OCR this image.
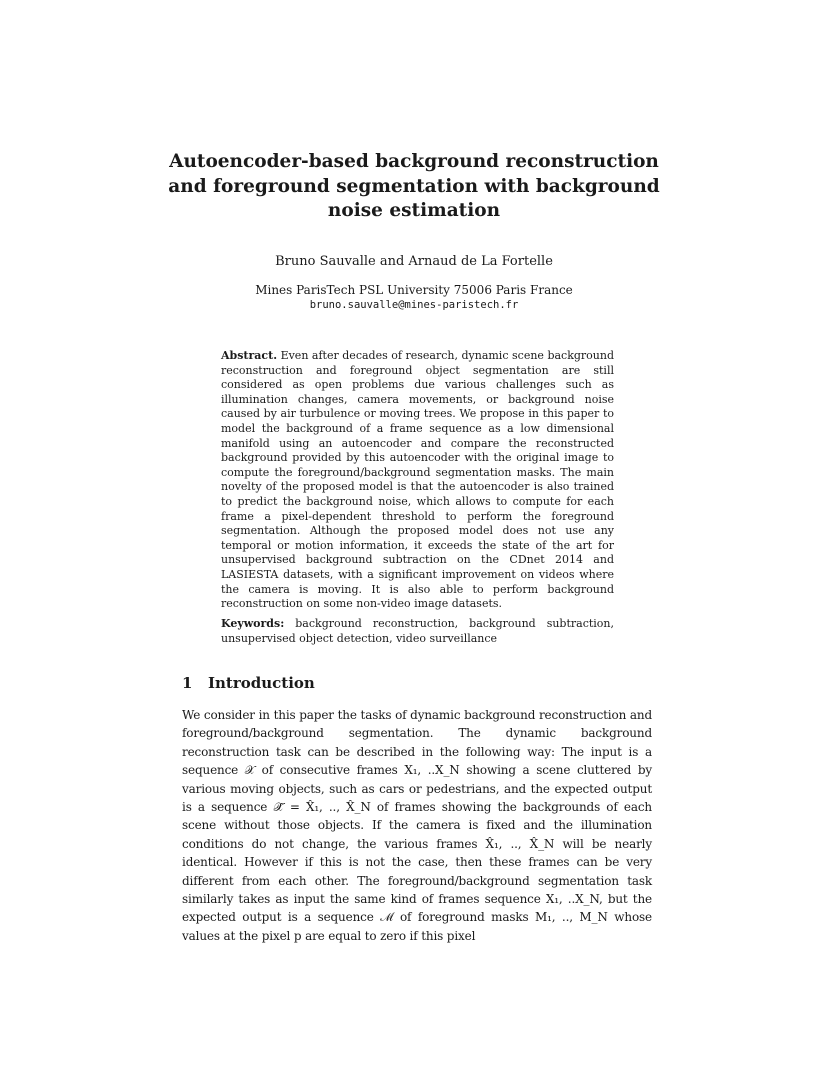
Autoencoder-based background reconstruction and foreground segmentation with background noise estimation
Bruno Sauvalle and Arnaud de La Fortelle
Mines ParisTech PSL University 75006 Paris France
bruno.sauvalle@mines-paristech.fr

Abstract. Even after decades of research, dynamic scene background reconstruction and foreground object segmentation are still considered as open problems due various challenges such as illumination changes, camera movements, or background noise caused by air turbulence or moving trees. We propose in this paper to model the background of a frame sequence as a low dimensional manifold using an autoencoder and compare the reconstructed background provided by this autoencoder with the original image to compute the foreground/background segmentation masks. The main novelty of the proposed model is that the autoencoder is also trained to predict the background noise, which allows to compute for each frame a pixel-dependent threshold to perform the foreground segmentation. Although the proposed model does not use any temporal or motion information, it exceeds the state of the art for unsupervised background subtraction on the CDnet 2014 and LASIESTA datasets, with a significant improvement on videos where the camera is moving. It is also able to perform background reconstruction on some non-video image datasets.

Keywords: background reconstruction, background subtraction, unsupervised object detection, video surveillance

1 Introduction

We consider in this paper the tasks of dynamic background reconstruction and foreground/background segmentation. The dynamic background reconstruction task can be described in the following way: The input is a sequence 𝒳 of consecutive frames X₁, ..X_N showing a scene cluttered by various moving objects, such as cars or pedestrians, and the expected output is a sequence 𝒳̂ = X̂₁, .., X̂_N of frames showing the backgrounds of each scene without those objects. If the camera is fixed and the illumination conditions do not change, the various frames X̂₁, .., X̂_N will be nearly identical. However if this is not the case, then these frames can be very different from each other. The foreground/background segmentation task similarly takes as input the same kind of frames sequence X₁, ..X_N, but the expected output is a sequence ℳ of foreground masks M₁, .., M_N whose values at the pixel p are equal to zero if this pixel
